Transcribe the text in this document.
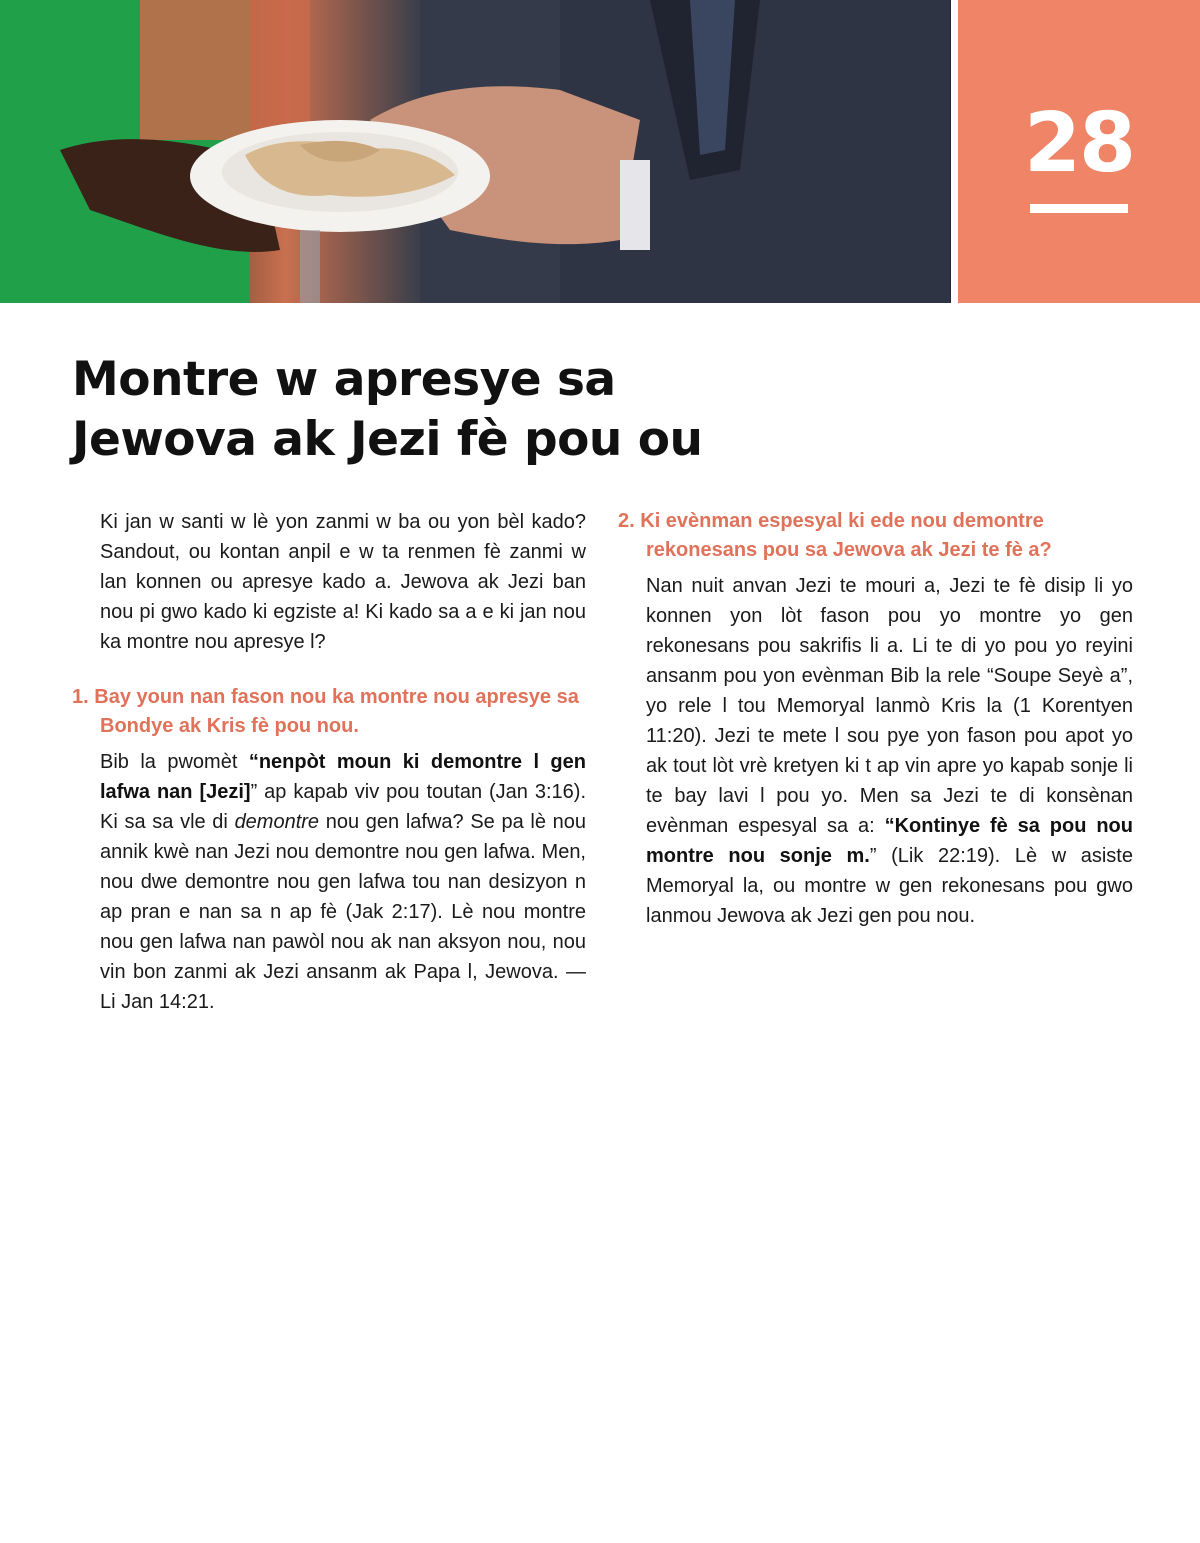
28
Montre w apresye sa
Jewova ak Jezi fè pou ou

Ki jan w santi w lè yon zanmi w ba ou yon bèl kado? Sandout, ou kontan anpil e w ta renmen fè zanmi w lan konnen ou apresye kado a. Jewova ak Jezi ban nou pi gwo kado ki egziste a! Ki kado sa a e ki jan nou ka montre nou apresye l?

1. Bay youn nan fason nou ka montre nou apresye sa Bondye ak Kris fè pou nou.

Bib la pwomèt “nenpòt moun ki demontre l gen lafwa nan [Jezi]” ap kapab viv pou toutan (Jan 3:16). Ki sa sa vle di demontre nou gen lafwa? Se pa lè nou annik kwè nan Jezi nou demontre nou gen lafwa. Men, nou dwe demontre nou gen lafwa tou nan desizyon n ap pran e nan sa n ap fè (Jak 2:17). Lè nou montre nou gen lafwa nan pawòl nou ak nan aksyon nou, nou vin bon zanmi ak Jezi ansanm ak Papa l, Jewova. — Li Jan 14:21.

2. Ki evènman espesyal ki ede nou demontre rekonesans pou sa Jewova ak Jezi te fè a?

Nan nuit anvan Jezi te mouri a, Jezi te fè disip li yo konnen yon lòt fason pou yo montre yo gen rekonesans pou sakrifis li a. Li te di yo pou yo reyini ansanm pou yon evènman Bib la rele “Soupe Seyè a”, yo rele l tou Memoryal lanmò Kris la (1 Korentyen 11:20). Jezi te mete l sou pye yon fason pou apot yo ak tout lòt vrè kretyen ki t ap vin apre yo kapab sonje li te bay lavi l pou yo. Men sa Jezi te di konsènan evènman espesyal sa a: “Kontinye fè sa pou nou montre nou sonje m.” (Lik 22:19). Lè w asiste Memoryal la, ou montre w gen rekonesans pou gwo lanmou Jewova ak Jezi gen pou nou.
